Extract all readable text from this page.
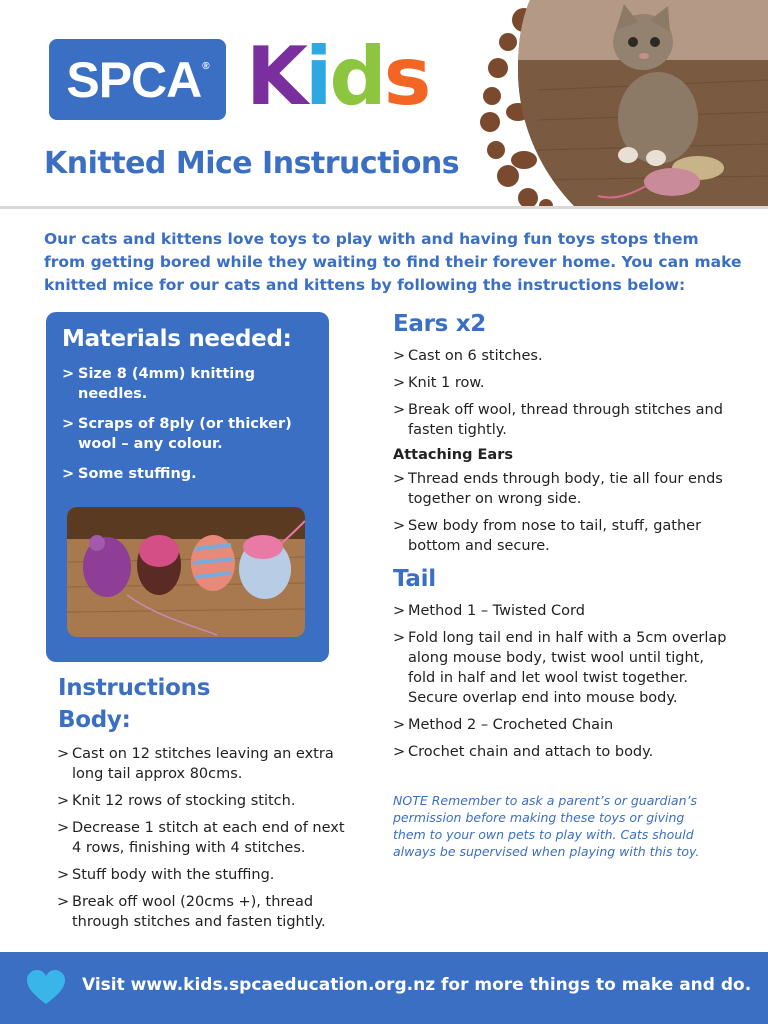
SPCA® Kids
Knitted Mice Instructions

Our cats and kittens love toys to play with and having fun toys stops them from getting bored while they waiting to find their forever home. You can make knitted mice for our cats and kittens by following the instructions below:

Materials needed:
> Size 8 (4mm) knitting needles.
> Scraps of 8ply (or thicker) wool – any colour.
> Some stuffing.
Instructions
Body:
> Cast on 12 stitches leaving an extra long tail approx 80cms.
> Knit 12 rows of stocking stitch.
> Decrease 1 stitch at each end of next 4 rows, finishing with 4 stitches.
> Stuff body with the stuffing.
> Break off wool (20cms +), thread through stitches and fasten tightly.
Ears x2
> Cast on 6 stitches.
> Knit 1 row.
> Break off wool, thread through stitches and fasten tightly.
Attaching Ears
> Thread ends through body, tie all four ends together on wrong side.
> Sew body from nose to tail, stuff, gather bottom and secure.
Tail
> Method 1 – Twisted Cord
> Fold long tail end in half with a 5cm overlap along mouse body, twist wool until tight, fold in half and let wool twist together. Secure overlap end into mouse body.
> Method 2 – Crocheted Chain
> Crochet chain and attach to body.

NOTE Remember to ask a parent’s or guardian’s permission before making these toys or giving them to your own pets to play with. Cats should always be supervised when playing with this toy.

Visit www.kids.spcaeducation.org.nz for more things to make and do.
